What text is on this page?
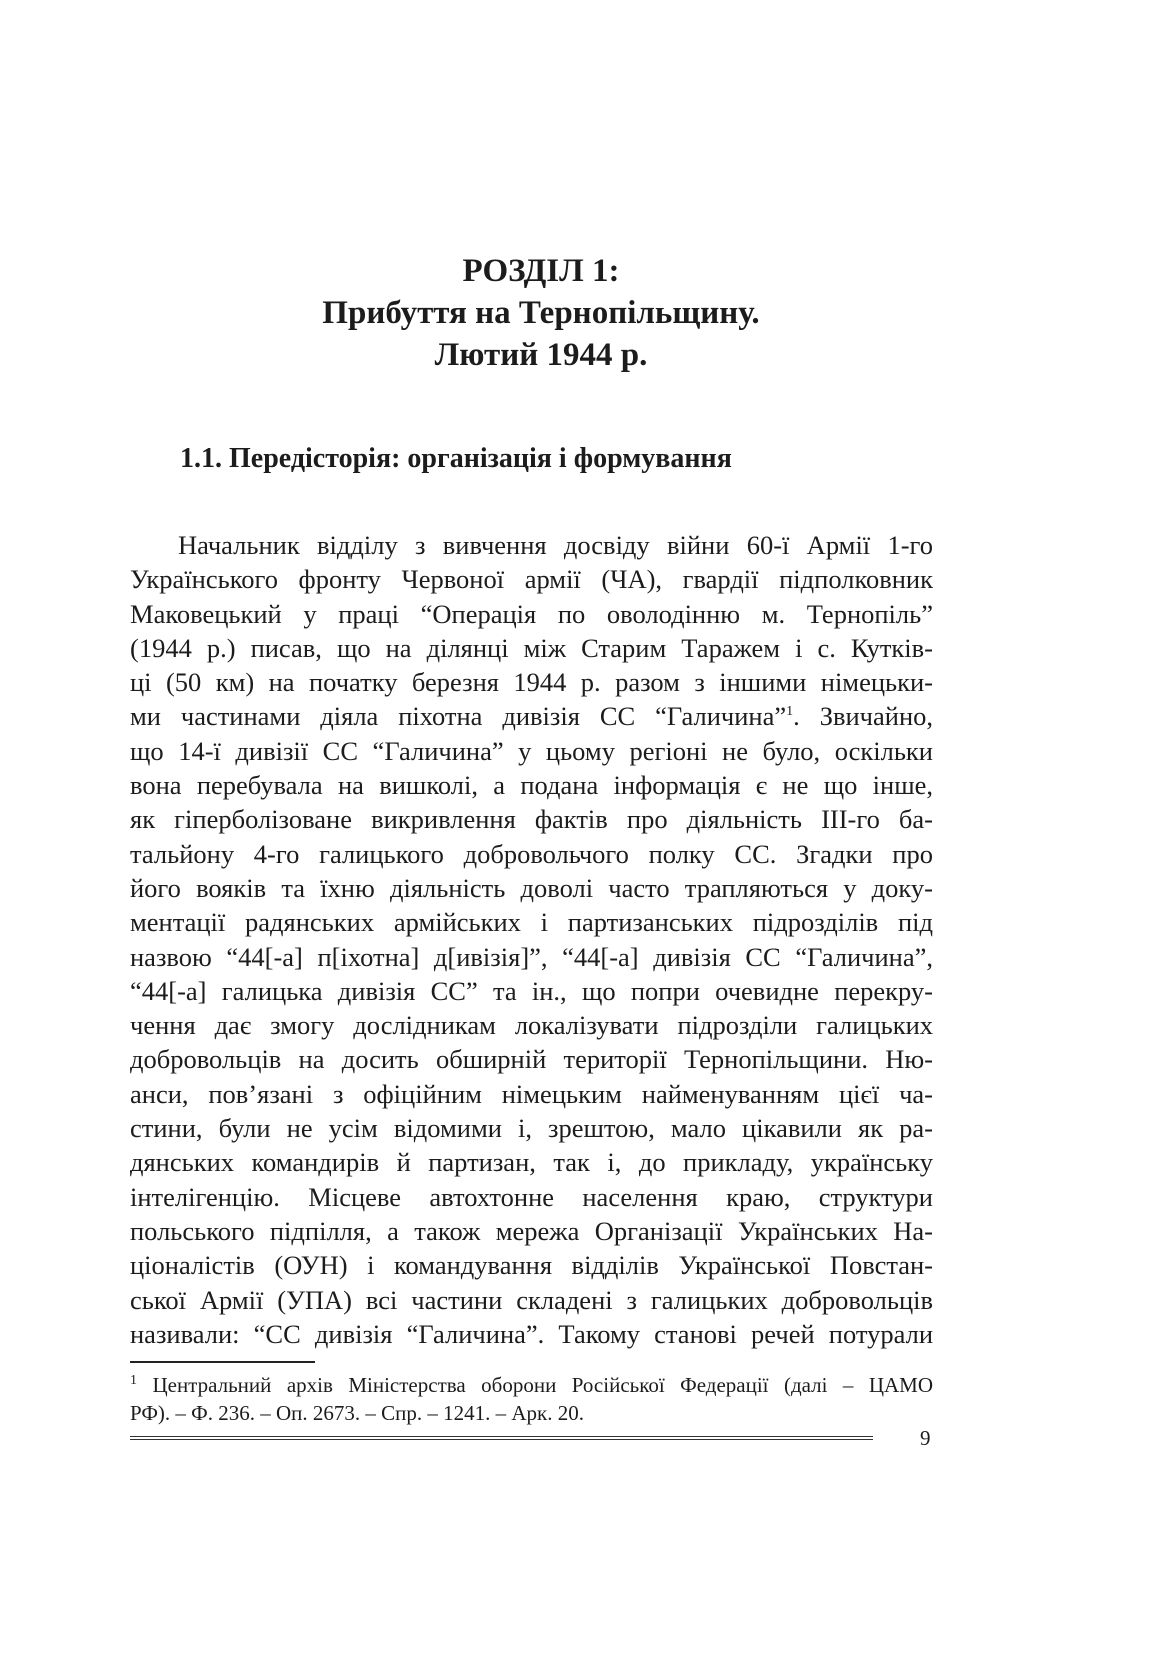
РОЗДІЛ 1:
Прибуття на Тернопільщину.
Лютий 1944 р.
1.1. Передісторія: організація і формування
Начальник відділу з вивчення досвіду війни 60-ї Армії 1-го
Українського фронту Червоної армії (ЧА), гвардії підполковник
Маковецький у праці “Операція по оволодінню м. Тернопіль”
(1944 р.) писав, що на ділянці між Старим Таражем і с. Кутків-
ці (50 км) на початку березня 1944 р. разом з іншими німецьки-
ми частинами діяла піхотна дивізія СС “Галичина”$^1$. Звичайно,
що 14-ї дивізії СС “Галичина” у цьому регіоні не було, оскільки
вона перебувала на вишколі, а подана інформація є не що інше,
як гіперболізоване викривлення фактів про діяльність ІІІ-го ба-
тальйону 4-го галицького добровольчого полку СС. Згадки про
його вояків та їхню діяльність доволі часто трапляються у доку-
ментації радянських армійських і партизанських підрозділів під
назвою “44[-а] п[іхотна] д[ивізія]”, “44[-а] дивізія СС “Галичина”,
“44[-а] галицька дивізія СС” та ін., що попри очевидне перекру-
чення дає змогу дослідникам локалізувати підрозділи галицьких
добровольців на досить обширній території Тернопільщини. Ню-
анси, пов’язані з офіційним німецьким найменуванням цієї ча-
стини, були не усім відомими і, зрештою, мало цікавили як ра-
дянських командирів й партизан, так і, до прикладу, українську
інтелігенцію. Місцеве автохтонне населення краю, структури
польського підпілля, а також мережа Організації Українських На-
ціоналістів (ОУН) і командування відділів Української Повстан-
ської Армії (УПА) всі частини складені з галицьких добровольців
називали: “СС дивізія “Галичина”. Такому станові речей потурали
$^1$ Центральний архів Міністерства оборони Російської Федерації (далі – ЦАМО
РФ). – Ф. 236. – Оп. 2673. – Спр. – 1241. – Арк. 20.
9
